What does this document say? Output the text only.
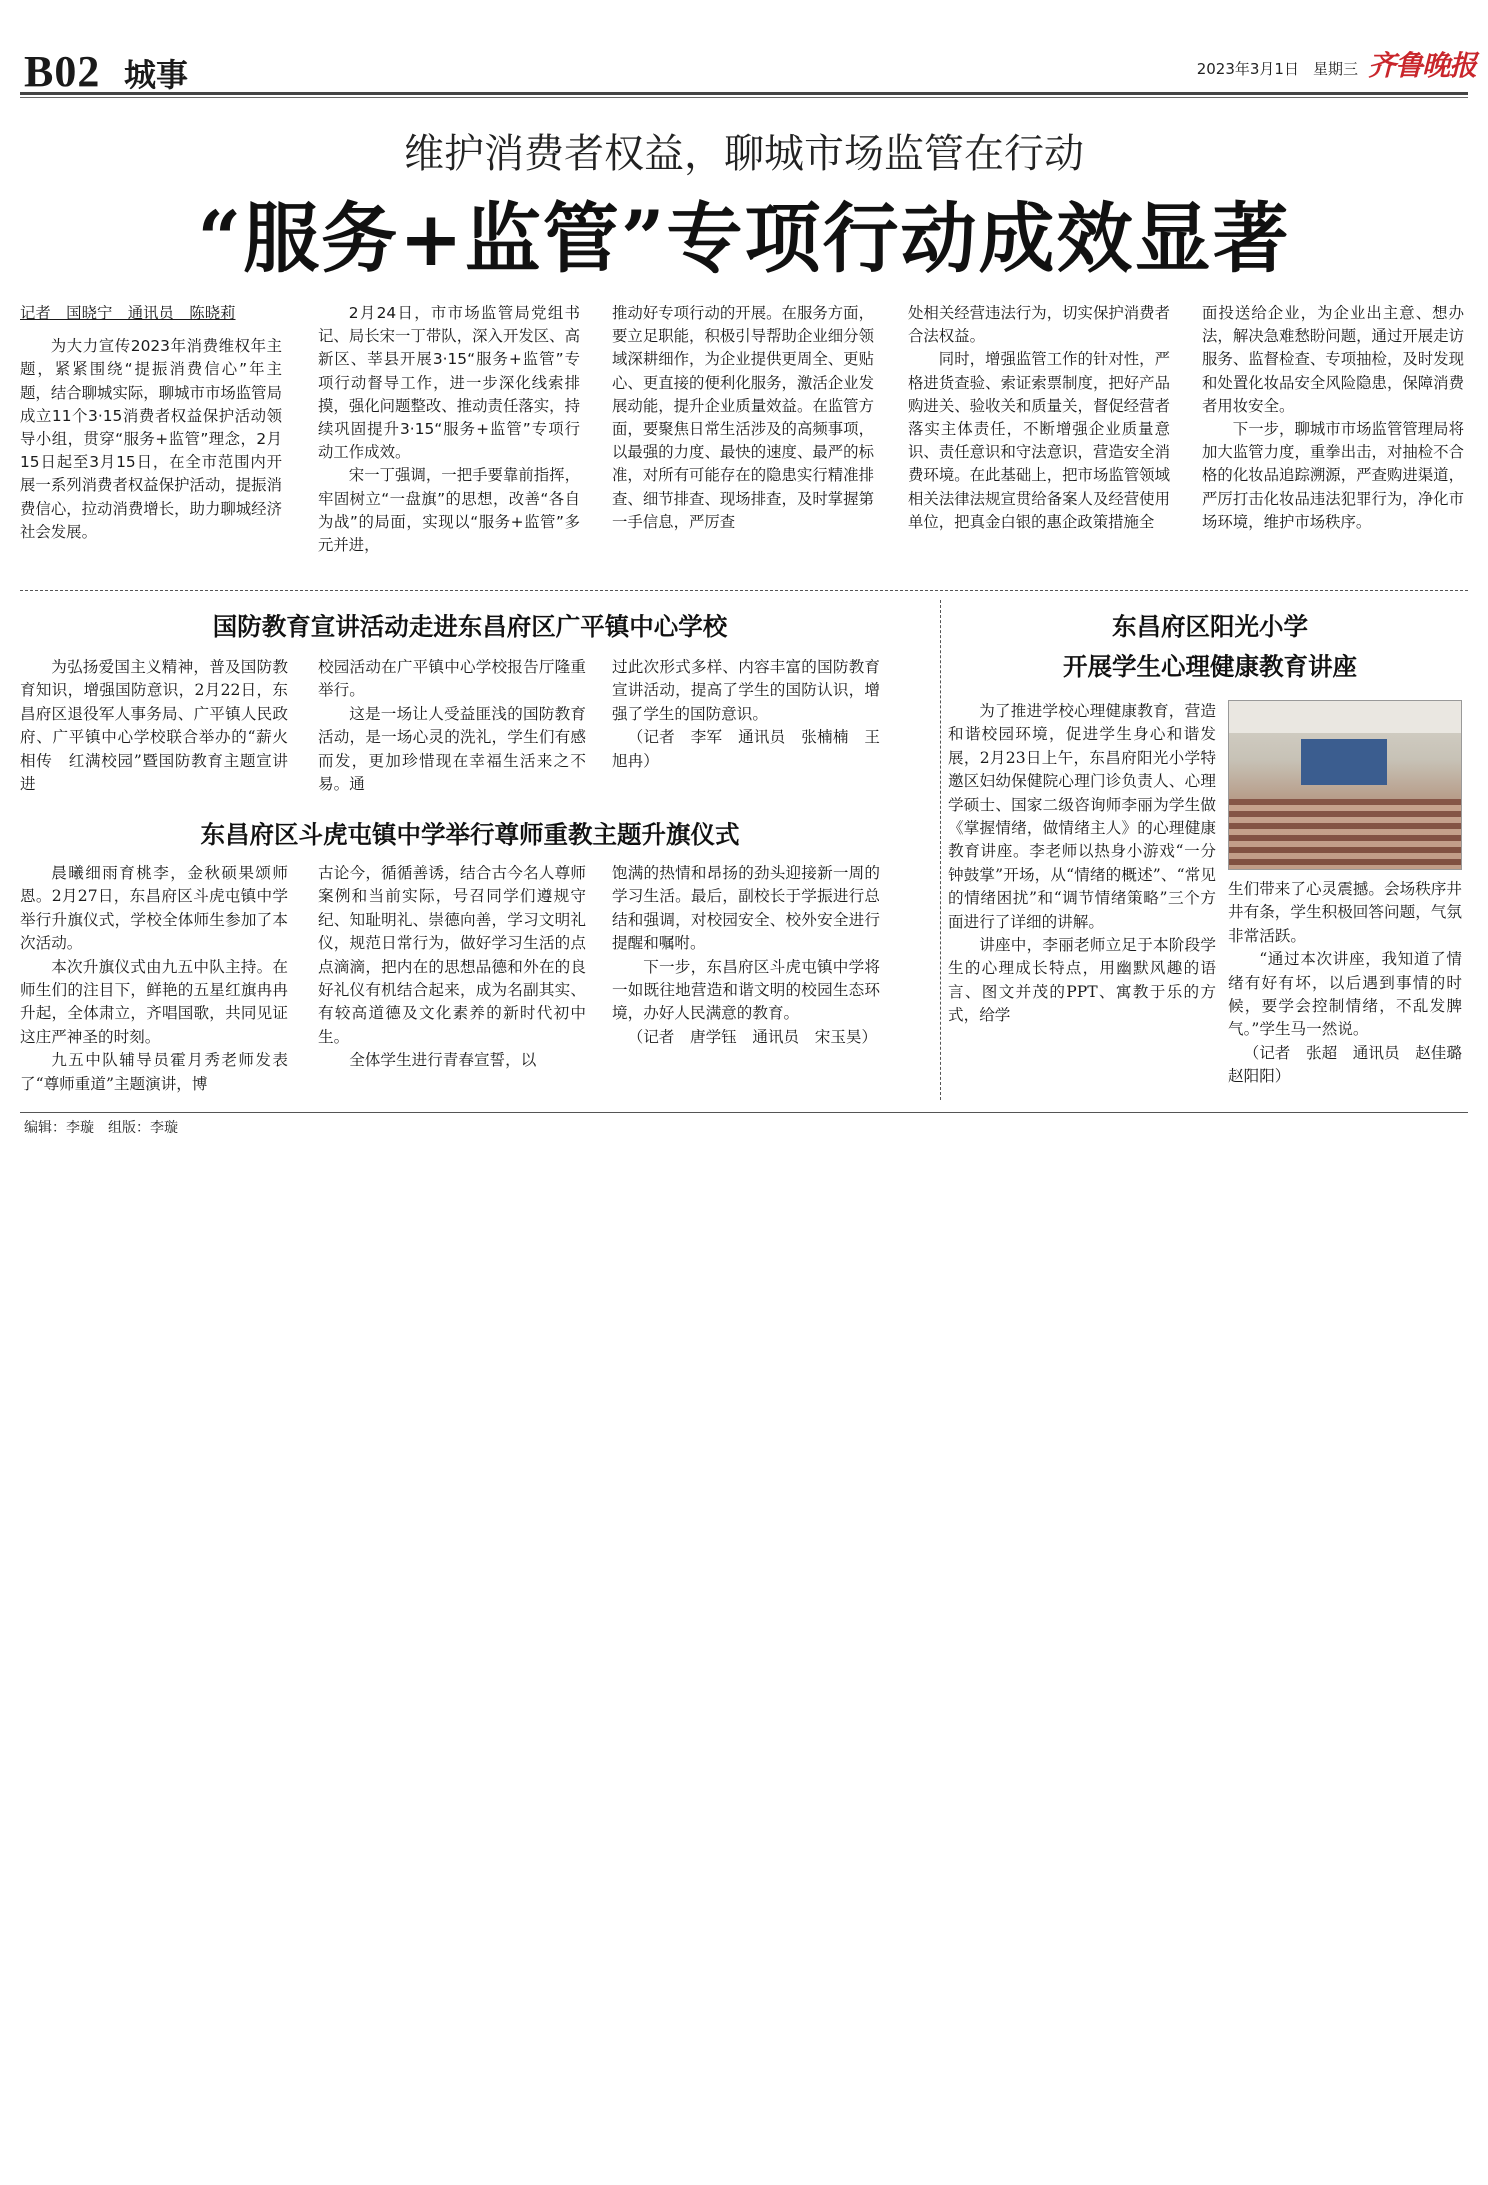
B02 城事	2023年3月1日 星期三 齐鲁晚报
维护消费者权益，聊城市场监管在行动
“服务+监管”专项行动成效显著
记者　国晓宁　通讯员　陈晓莉

为大力宣传2023年消费维权年主题，紧紧围绕“提振消费信心”年主题，结合聊城实际，聊城市市场监管局成立11个3·15消费者权益保护活动领导小组，贯穿“服务+监管”理念，2月15日起至3月15日，在全市范围内开展一系列消费者权益保护活动，提振消费信心，拉动消费增长，助力聊城经济社会发展。

2月24日，市市场监管局党组书记、局长宋一丁带队，深入开发区、高新区、莘县开展3·15“服务+监管”专项行动督导工作，进一步深化线索排摸，强化问题整改、推动责任落实，持续巩固提升3·15“服务+监管”专项行动工作成效。

宋一丁强调，一把手要靠前指挥，牢固树立“一盘旗”的思想，改善“各自为战”的局面，实现以“服务+监管”多元并进，

推动好专项行动的开展。在服务方面，要立足职能，积极引导帮助企业细分领域深耕细作，为企业提供更周全、更贴心、更直接的便利化服务，激活企业发展动能，提升企业质量效益。在监管方面，要聚焦日常生活涉及的高频事项，以最强的力度、最快的速度、最严的标准，对所有可能存在的隐患实行精准排查、细节排查、现场排查，及时掌握第一手信息，严厉查

处相关经营违法行为，切实保护消费者合法权益。

同时，增强监管工作的针对性，严格进货查验、索证索票制度，把好产品购进关、验收关和质量关，督促经营者落实主体责任，不断增强企业质量意识、责任意识和守法意识，营造安全消费环境。在此基础上，把市场监管领域相关法律法规宣贯给备案人及经营使用单位，把真金白银的惠企政策措施全

面投送给企业，为企业出主意、想办法，解决急难愁盼问题，通过开展走访服务、监督检查、专项抽检，及时发现和处置化妆品安全风险隐患，保障消费者用妆安全。

下一步，聊城市市场监管管理局将加大监管力度，重拳出击，对抽检不合格的化妆品追踪溯源，严查购进渠道，严厉打击化妆品违法犯罪行为，净化市场环境，维护市场秩序。

国防教育宣讲活动走进东昌府区广平镇中心学校

为弘扬爱国主义精神，普及国防教育知识，增强国防意识，2月22日，东昌府区退役军人事务局、广平镇人民政府、广平镇中心学校联合举办的“薪火相传　红满校园”暨国防教育主题宣讲进

校园活动在广平镇中心学校报告厅隆重举行。

这是一场让人受益匪浅的国防教育活动，是一场心灵的洗礼，学生们有感而发，更加珍惜现在幸福生活来之不易。通

过此次形式多样、内容丰富的国防教育宣讲活动，提高了学生的国防认识，增强了学生的国防意识。

（记者　李军　通讯员　张楠楠　王旭冉）

东昌府区斗虎屯镇中学举行尊师重教主题升旗仪式

晨曦细雨育桃李，金秋硕果颂师恩。2月27日，东昌府区斗虎屯镇中学举行升旗仪式，学校全体师生参加了本次活动。

本次升旗仪式由九五中队主持。在师生们的注目下，鲜艳的五星红旗冉冉升起，全体肃立，齐唱国歌，共同见证这庄严神圣的时刻。

九五中队辅导员霍月秀老师发表了“尊师重道”主题演讲，博

古论今，循循善诱，结合古今名人尊师案例和当前实际，号召同学们遵规守纪、知耻明礼、崇德向善，学习文明礼仪，规范日常行为，做好学习生活的点点滴滴，把内在的思想品德和外在的良好礼仪有机结合起来，成为名副其实、有较高道德及文化素养的新时代初中生。

全体学生进行青春宣誓，以

饱满的热情和昂扬的劲头迎接新一周的学习生活。最后，副校长于学振进行总结和强调，对校园安全、校外安全进行提醒和嘱咐。

下一步，东昌府区斗虎屯镇中学将一如既往地营造和谐文明的校园生态环境，办好人民满意的教育。

（记者　唐学钰　通讯员　宋玉昊）

东昌府区阳光小学
开展学生心理健康教育讲座

为了推进学校心理健康教育，营造和谐校园环境，促进学生身心和谐发展，2月23日上午，东昌府阳光小学特邀区妇幼保健院心理门诊负责人、心理学硕士、国家二级咨询师李丽为学生做《掌握情绪，做情绪主人》的心理健康教育讲座。李老师以热身小游戏“一分钟鼓掌”开场，从“情绪的概述”、“常见的情绪困扰”和“调节情绪策略”三个方面进行了详细的讲解。

讲座中，李丽老师立足于本阶段学生的心理成长特点，用幽默风趣的语言、图文并茂的PPT、寓教于乐的方式，给学

生们带来了心灵震撼。会场秩序井井有条，学生积极回答问题，气氛非常活跃。

“通过本次讲座，我知道了情绪有好有坏，以后遇到事情的时候，要学会控制情绪，不乱发脾气。”学生马一然说。

（记者　张超　通讯员　赵佳璐　赵阳阳）

编辑：李璇 组版：李璇
